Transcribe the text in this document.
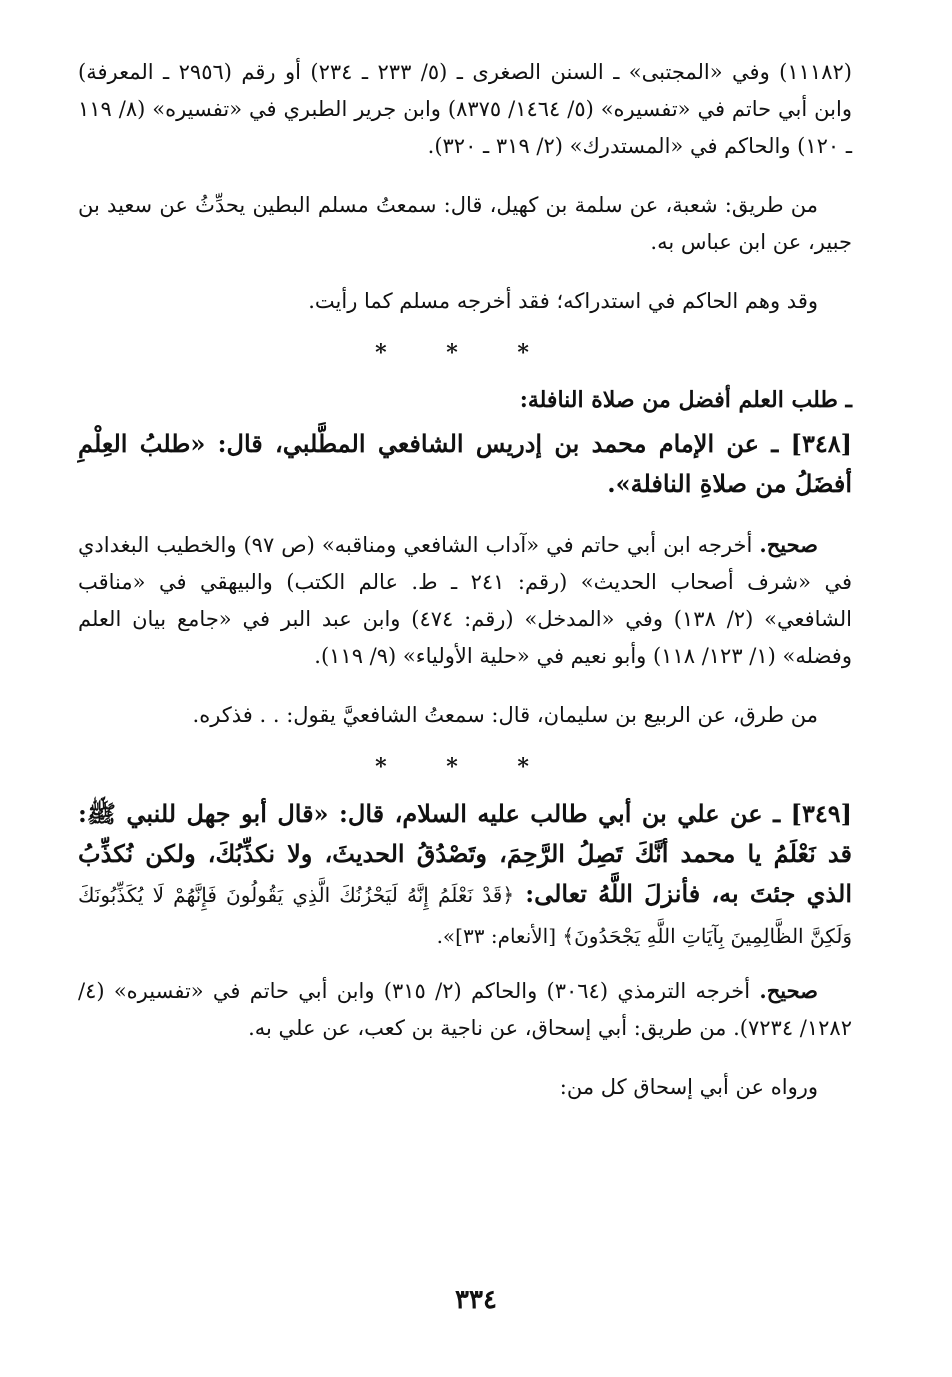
(١١١٨٢) وفي «المجتبى» ـ السنن الصغرى ـ (٥/ ٢٣٣ ـ ٢٣٤) أو رقم (٢٩٥٦ ـ المعرفة) وابن أبي حاتم في «تفسيره» (٥/ ١٤٦٤/ ٨٣٧٥) وابن جرير الطبري في «تفسيره» (٨/ ١١٩ ـ ١٢٠) والحاكم في «المستدرك» (٢/ ٣١٩ ـ ٣٢٠).

من طريق: شعبة، عن سلمة بن كهيل، قال: سمعتُ مسلم البطين يحدِّثُ عن سعيد بن جبير، عن ابن عباس به.

وقد وهم الحاكم في استدراكه؛ فقد أخرجه مسلم كما رأيت.

* * *

ـ طلب العلم أفضل من صلاة النافلة:

[٣٤٨] ـ عن الإمام محمد بن إدريس الشافعي المطَّلبي، قال: «طلبُ العِلْمِ أفضَلُ من صلاةِ النافلة».

صحيح. أخرجه ابن أبي حاتم في «آداب الشافعي ومناقبه» (ص ٩٧) والخطيب البغدادي في «شرف أصحاب الحديث» (رقم: ٢٤١ ـ ط. عالم الكتب) والبيهقي في «مناقب الشافعي» (٢/ ١٣٨) وفي «المدخل» (رقم: ٤٧٤) وابن عبد البر في «جامع بيان العلم وفضله» (١/ ١٢٣/ ١١٨) وأبو نعيم في «حلية الأولياء» (٩/ ١١٩).

من طرق، عن الربيع بن سليمان، قال: سمعتُ الشافعيَّ يقول: . . فذكره.

* * *

[٣٤٩] ـ عن علي بن أبي طالب عليه السلام، قال: «قال أبو جهل للنبي ﷺ: قد نَعْلَمُ يا محمد أنَّكَ تَصِلُ الرَّحِمَ، وتَصْدُقُ الحديثَ، ولا نكذِّبُكَ، ولكن نُكذِّبُ الذي جئتَ به، فأنزلَ اللَّهُ تعالى: ﴿قَدْ نَعْلَمُ إِنَّهُ لَيَحْزُنُكَ الَّذِي يَقُولُونَ فَإِنَّهُمْ لَا يُكَذِّبُونَكَ وَلَكِنَّ الظَّالِمِينَ بِآيَاتِ اللَّهِ يَجْحَدُونَ﴾ [الأنعام: ٣٣]».

صحيح. أخرجه الترمذي (٣٠٦٤) والحاكم (٢/ ٣١٥) وابن أبي حاتم في «تفسيره» (٤/ ١٢٨٢/ ٧٢٣٤). من طريق: أبي إسحاق، عن ناجية بن كعب، عن علي به.

ورواه عن أبي إسحاق كل من:

٣٣٤
